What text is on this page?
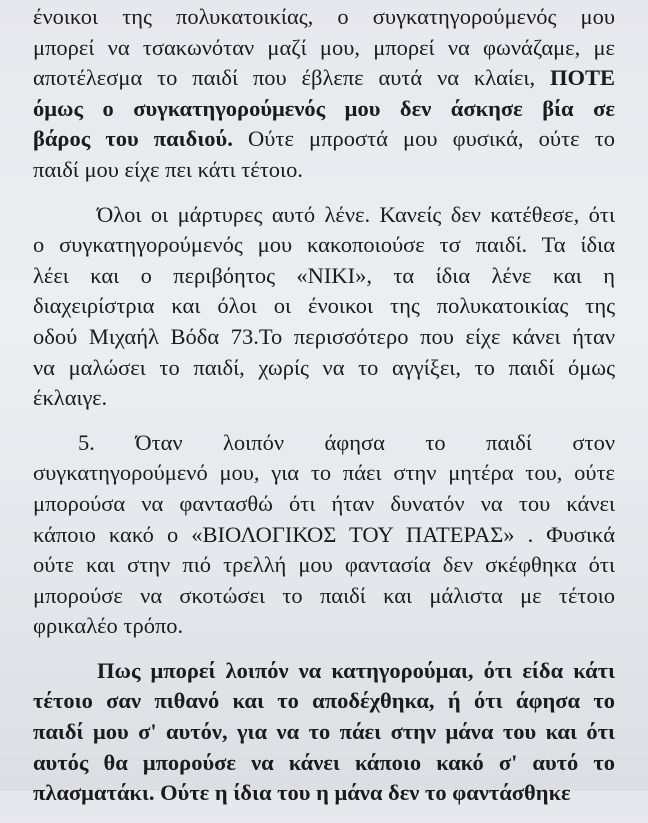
ένοικοι της πολυκατοικίας, ο συγκατηγορούμενός μου
μπορεί να τσακωνόταν μαζί μου, μπορεί να φωνάζαμε, με
αποτέλεσμα το παιδί που έβλεπε αυτά να κλαίει, ΠΟΤΕ
όμως ο συγκατηγορούμενός μου δεν άσκησε βία σε
βάρος του παιδιού. Ούτε μπροστά μου φυσικά, ούτε το
παιδί μου είχε πει κάτι τέτοιο.
Όλοι οι μάρτυρες αυτό λένε. Κανείς δεν κατέθεσε, ότι
ο συγκατηγορούμενός μου κακοποιούσε τσ παιδί. Τα ίδια
λέει και ο περιβόητος «NIKI», τα ίδια λένε και η
διαχειρίστρια και όλοι οι ένοικοι της πολυκατοικίας της
οδού Μιχαήλ Βόδα 73.Το περισσότερο που είχε κάνει ήταν
να μαλώσει το παιδί, χωρίς να το αγγίξει, το παιδί όμως
έκλαιγε.
5. Όταν λοιπόν άφησα το παιδί στον
συγκατηγορούμενό μου, για το πάει στην μητέρα του, ούτε
μπορούσα να φαντασθώ ότι ήταν δυνατόν να του κάνει
κάποιο κακό ο «ΒΙΟΛΟΓΙΚΟΣ ΤΟΥ ΠΑΤΕΡΑΣ» . Φυσικά
ούτε και στην πιό τρελλή μου φαντασία δεν σκέφθηκα ότι
μπορούσε να σκοτώσει το παιδί και μάλιστα με τέτοιο
φρικαλέο τρόπο.
Πως μπορεί λοιπόν να κατηγορούμαι, ότι είδα κάτι
τέτοιο σαν πιθανό και το αποδέχθηκα, ή ότι άφησα το
παιδί μου σ' αυτόν, για να το πάει στην μάνα του και ότι
αυτός θα μπορούσε να κάνει κάποιο κακό σ' αυτό το
πλασματάκι. Ούτε η ίδια του η μάνα δεν το φαντάσθηκε
